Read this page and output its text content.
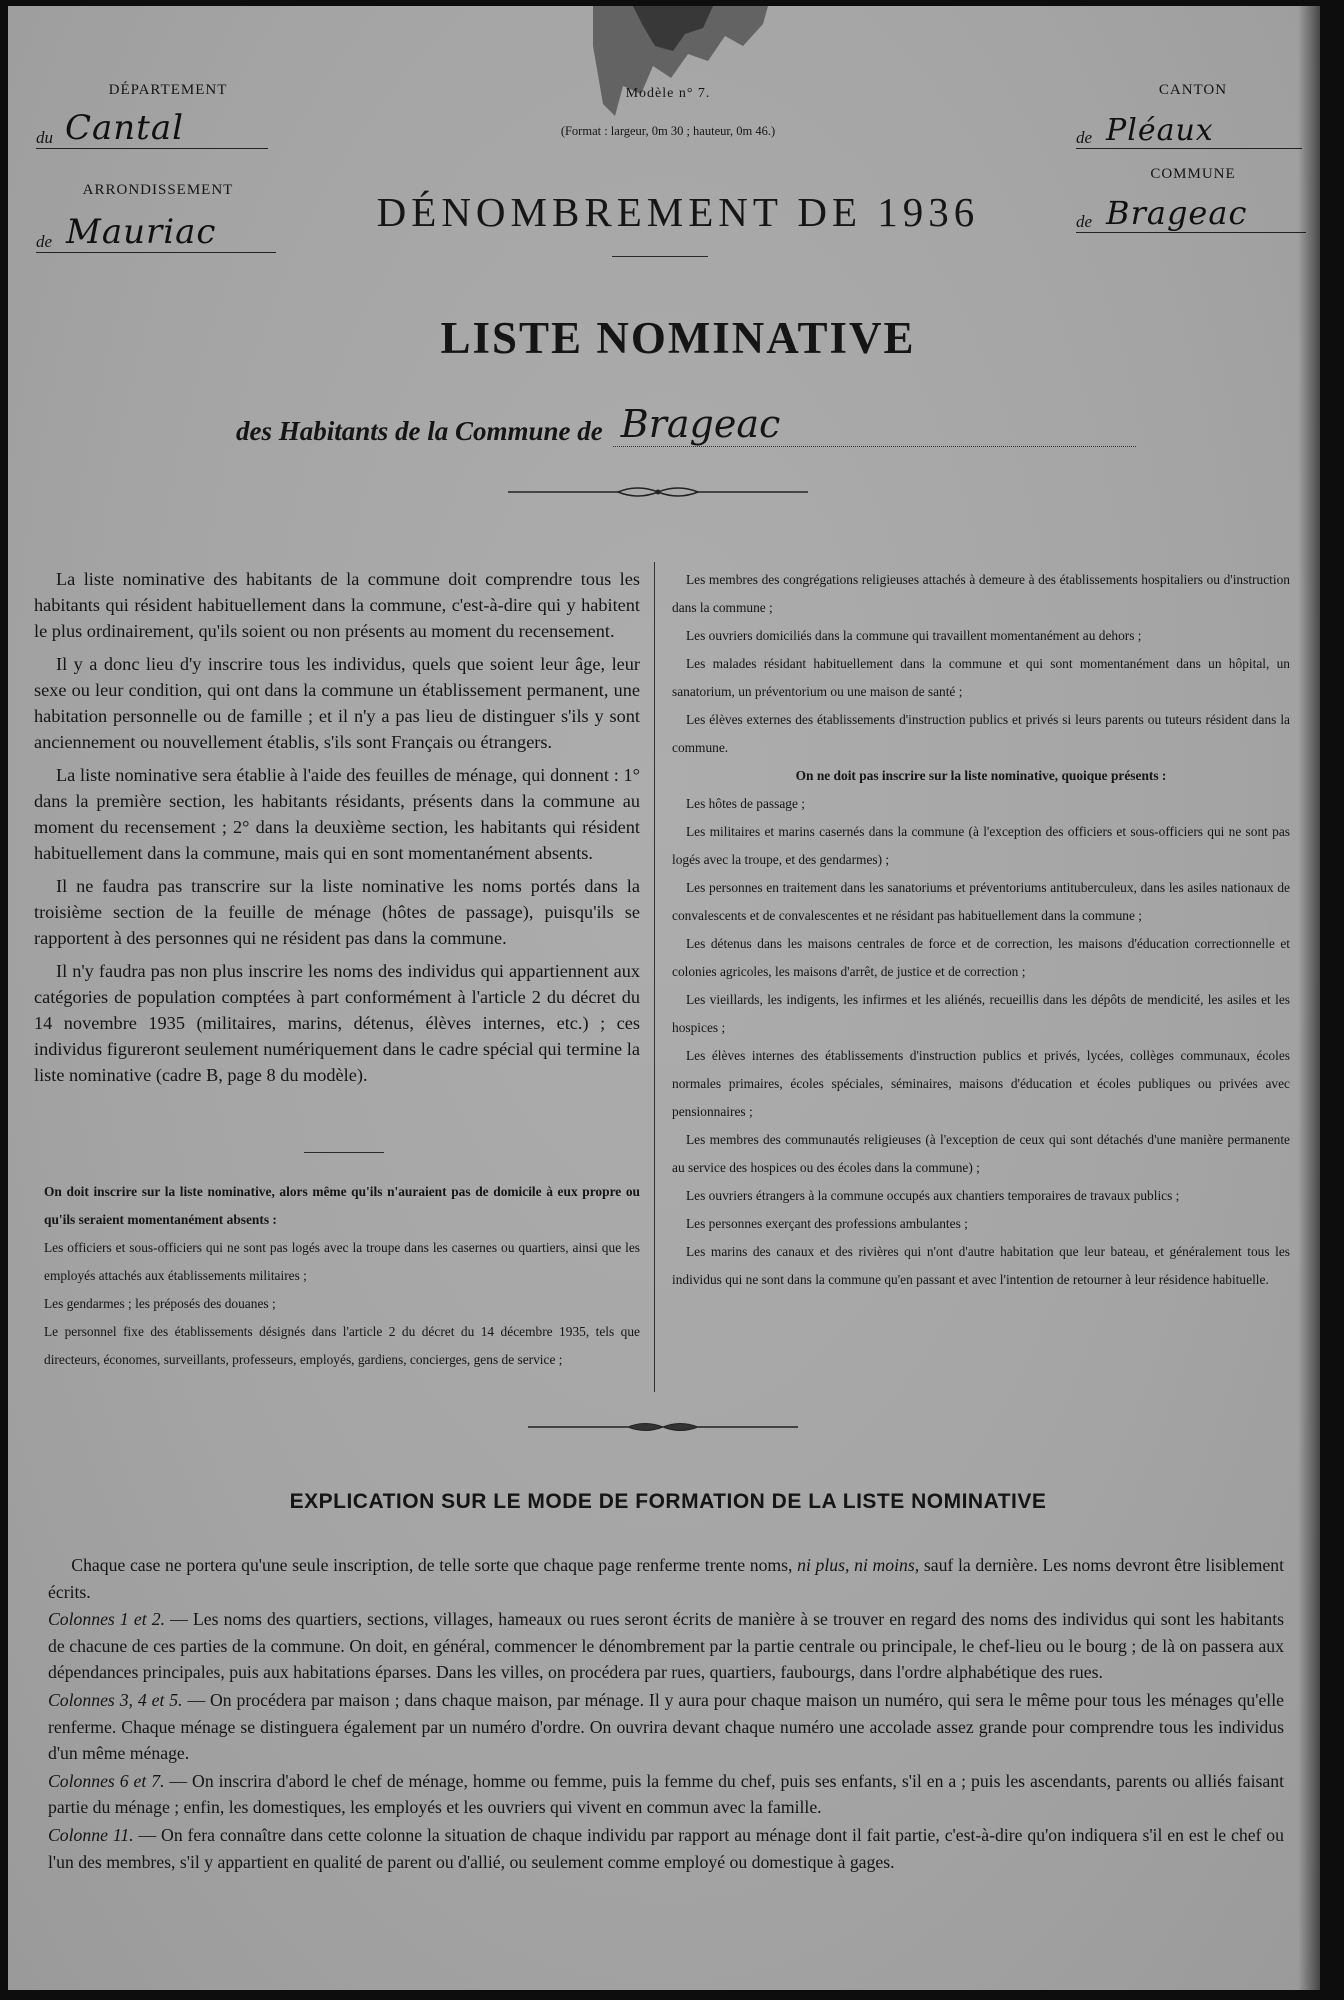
DÉPARTEMENT
du Cantal
ARRONDISSEMENT
de Mauriac
Modèle n° 7.
(Format : largeur, 0m 30 ; hauteur, 0m 46.)
CANTON
de Pléaux
COMMUNE
de Brageac
DÉNOMBREMENT DE 1936
LISTE NOMINATIVE
des Habitants de la Commune de Brageac

La liste nominative des habitants de la commune doit comprendre tous les habitants qui résident habituellement dans la commune, c'est-à-dire qui y habitent le plus ordinairement, qu'ils soient ou non présents au moment du recensement.

Il y a donc lieu d'y inscrire tous les individus, quels que soient leur âge, leur sexe ou leur condition, qui ont dans la commune un établissement permanent, une habitation personnelle ou de famille ; et il n'y a pas lieu de distinguer s'ils y sont anciennement ou nouvellement établis, s'ils sont Français ou étrangers.

La liste nominative sera établie à l'aide des feuilles de ménage, qui donnent : 1° dans la première section, les habitants résidants, présents dans la commune au moment du recensement ; 2° dans la deuxième section, les habitants qui résident habituellement dans la commune, mais qui en sont momentanément absents.

Il ne faudra pas transcrire sur la liste nominative les noms portés dans la troisième section de la feuille de ménage (hôtes de passage), puisqu'ils se rapportent à des personnes qui ne résident pas dans la commune.

Il n'y faudra pas non plus inscrire les noms des individus qui appartiennent aux catégories de population comptées à part conformément à l'article 2 du décret du 14 novembre 1935 (militaires, marins, détenus, élèves internes, etc.) ; ces individus figureront seulement numériquement dans le cadre spécial qui termine la liste nominative (cadre B, page 8 du modèle).

On doit inscrire sur la liste nominative, alors même qu'ils n'auraient pas de domicile à eux propre ou qu'ils seraient momentanément absents :

Les officiers et sous-officiers qui ne sont pas logés avec la troupe dans les casernes ou quartiers, ainsi que les employés attachés aux établissements militaires ;

Les gendarmes ; les préposés des douanes ;

Le personnel fixe des établissements désignés dans l'article 2 du décret du 14 décembre 1935, tels que directeurs, économes, surveillants, professeurs, employés, gardiens, concierges, gens de service ;

Les membres des congrégations religieuses attachés à demeure à des établissements hospitaliers ou d'instruction dans la commune ;

Les ouvriers domiciliés dans la commune qui travaillent momentanément au dehors ;

Les malades résidant habituellement dans la commune et qui sont momentanément dans un hôpital, un sanatorium, un préventorium ou une maison de santé ;

Les élèves externes des établissements d'instruction publics et privés si leurs parents ou tuteurs résident dans la commune.

On ne doit pas inscrire sur la liste nominative, quoique présents :

Les hôtes de passage ;

Les militaires et marins casernés dans la commune (à l'exception des officiers et sous-officiers qui ne sont pas logés avec la troupe, et des gendarmes) ;

Les personnes en traitement dans les sanatoriums et préventoriums antituberculeux, dans les asiles nationaux de convalescents et de convalescentes et ne résidant pas habituellement dans la commune ;

Les détenus dans les maisons centrales de force et de correction, les maisons d'éducation correctionnelle et colonies agricoles, les maisons d'arrêt, de justice et de correction ;

Les vieillards, les indigents, les infirmes et les aliénés, recueillis dans les dépôts de mendicité, les asiles et les hospices ;

Les élèves internes des établissements d'instruction publics et privés, lycées, collèges communaux, écoles normales primaires, écoles spéciales, séminaires, maisons d'éducation et écoles publiques ou privées avec pensionnaires ;

Les membres des communautés religieuses (à l'exception de ceux qui sont détachés d'une manière permanente au service des hospices ou des écoles dans la commune) ;

Les ouvriers étrangers à la commune occupés aux chantiers temporaires de travaux publics ;

Les personnes exerçant des professions ambulantes ;

Les marins des canaux et des rivières qui n'ont d'autre habitation que leur bateau, et généralement tous les individus qui ne sont dans la commune qu'en passant et avec l'intention de retourner à leur résidence habituelle.

EXPLICATION SUR LE MODE DE FORMATION DE LA LISTE NOMINATIVE

Chaque case ne portera qu'une seule inscription, de telle sorte que chaque page renferme trente noms, ni plus, ni moins, sauf la dernière. Les noms devront être lisiblement écrits.

Colonnes 1 et 2. — Les noms des quartiers, sections, villages, hameaux ou rues seront écrits de manière à se trouver en regard des noms des individus qui sont les habitants de chacune de ces parties de la commune. On doit, en général, commencer le dénombrement par la partie centrale ou principale, le chef-lieu ou le bourg ; de là on passera aux dépendances principales, puis aux habitations éparses. Dans les villes, on procédera par rues, quartiers, faubourgs, dans l'ordre alphabétique des rues.

Colonnes 3, 4 et 5. — On procédera par maison ; dans chaque maison, par ménage. Il y aura pour chaque maison un numéro, qui sera le même pour tous les ménages qu'elle renferme. Chaque ménage se distinguera également par un numéro d'ordre. On ouvrira devant chaque numéro une accolade assez grande pour comprendre tous les individus d'un même ménage.

Colonnes 6 et 7. — On inscrira d'abord le chef de ménage, homme ou femme, puis la femme du chef, puis ses enfants, s'il en a ; puis les ascendants, parents ou alliés faisant partie du ménage ; enfin, les domestiques, les employés et les ouvriers qui vivent en commun avec la famille.

Colonne 11. — On fera connaître dans cette colonne la situation de chaque individu par rapport au ménage dont il fait partie, c'est-à-dire qu'on indiquera s'il en est le chef ou l'un des membres, s'il y appartient en qualité de parent ou d'allié, ou seulement comme employé ou domestique à gages.
